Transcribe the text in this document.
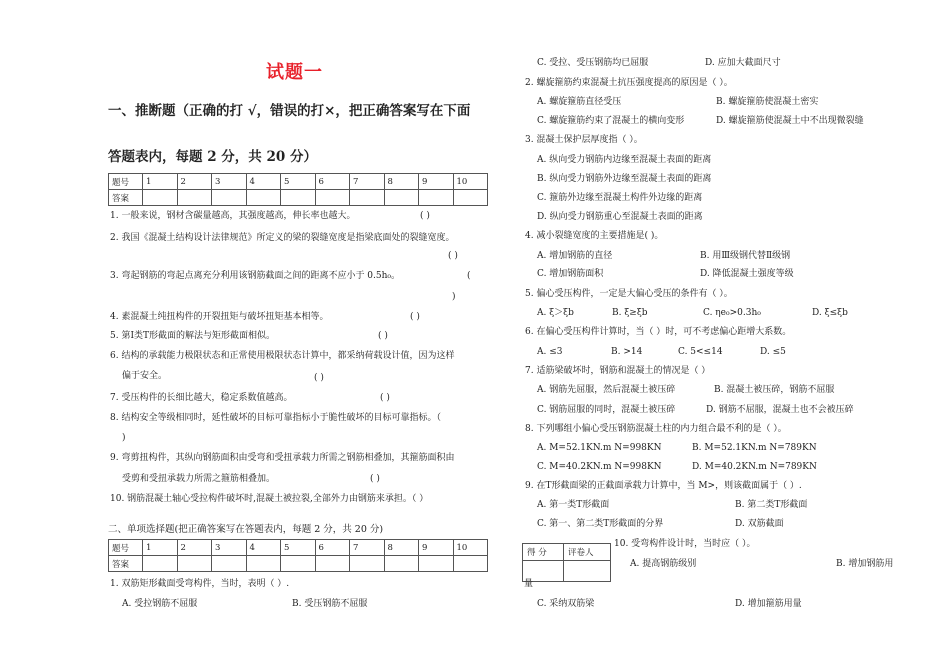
试题一
一、推断题（正确的打 √，错误的打×，把正确答案写在下面
答题表内，每题 2 分，共 20 分）
题号	1	2	3	4	5	6	7	8	9	10
答案										
1. 一般来说，钢材含碳量越高，其强度越高，伸长率也越大。	( )
2. 我国《混凝土结构设计法律规范》所定义的梁的裂缝宽度是指梁底面处的裂缝宽度。
( )
3. 弯起钢筋的弯起点离充分利用该钢筋截面之间的距离不应小于 0.5h₀。	(
)
4. 素混凝土纯扭构件的开裂扭矩与破坏扭矩基本相等。	( )
5. 第Ⅰ类T形截面的解法与矩形截面相似。	( )
6. 结构的承载能力极限状态和正常使用极限状态计算中，都采纳荷载设计值，因为这样
偏于安全。	( )
7. 受压构件的长细比越大，稳定系数值越高。	( )
8. 结构安全等级相同时，延性破坏的目标可靠指标小于脆性破坏的目标可靠指标。（
)
9. 弯剪扭构件，其纵向钢筋面积由受弯和受扭承载力所需之钢筋相叠加，其箍筋面积由
受剪和受扭承载力所需之箍筋相叠加。	( )
10. 钢筋混凝土轴心受拉构件破坏时,混凝土被拉裂,全部外力由钢筋来承担。（ ）
二、单项选择题(把正确答案写在答题表内，每题 2 分，共 20 分)
题号	1	2	3	4	5	6	7	8	9	10
答案										
1. 双筋矩形截面受弯构件，当时，表明（ ）.
A. 受拉钢筋不屈服	B. 受压钢筋不屈服
C. 受拉、受压钢筋均已屈服	D. 应加大截面尺寸
2. 螺旋箍筋约束混凝土抗压强度提高的原因是（ ）。
A. 螺旋箍筋直径受压	B. 螺旋箍筋使混凝土密实
C. 螺旋箍筋约束了混凝土的横向变形	D. 螺旋箍筋使混凝土中不出现微裂缝
3. 混凝土保护层厚度指（ ）。
A. 纵向受力钢筋内边缘至混凝土表面的距离
B. 纵向受力钢筋外边缘至混凝土表面的距离
C. 箍筋外边缘至混凝土构件外边缘的距离
D. 纵向受力钢筋重心至混凝土表面的距离
4. 减小裂缝宽度的主要措施是( )。
A. 增加钢筋的直径	B. 用Ⅲ级钢代替Ⅱ级钢
C. 增加钢筋面积	D. 降低混凝土强度等级
5. 偏心受压构件，一定是大偏心受压的条件有（ ）。
A. ξ＞ξb	B. ξ≥ξb	C. ηe₀>0.3h₀	D. ξ≤ξb
6. 在偏心受压构件计算时，当（ ）时，可不考虑偏心距增大系数。
A. ≤3	B. >14	C. 5<≤14	D. ≤5
7. 适筋梁破坏时，钢筋和混凝土的情况是（ ）
A. 钢筋先屈服，然后混凝土被压碎	B. 混凝土被压碎，钢筋不屈服
C. 钢筋屈服的同时，混凝土被压碎	D. 钢筋不屈服，混凝土也不会被压碎
8. 下列哪组小偏心受压钢筋混凝土柱的内力组合最不利的是（ ）。
A. M=52.1KN.m N=998KN	B. M=52.1KN.m N=789KN
C. M=40.2KN.m N=998KN	D. M=40.2KN.m N=789KN
9. 在T形截面梁的正截面承载力计算中，当 M>，则该截面属于（ ）.
A. 第一类T形截面	B. 第二类T形截面
C. 第一、第二类T形截面的分界	D. 双筋截面
得 分	评卷人

10. 受弯构件设计时，当时应（ ）。
A. 提高钢筋级别	B. 增加钢筋用
量
C. 采纳双筋梁	D. 增加箍筋用量
